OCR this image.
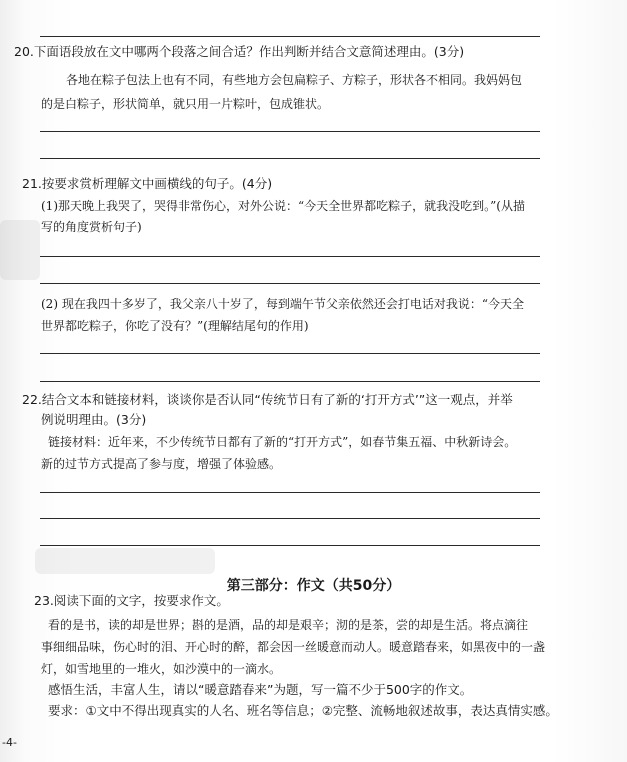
20.下面语段放在文中哪两个段落之间合适？作出判断并结合文意简述理由。(3分)
各地在粽子包法上也有不同，有些地方会包扁粽子、方粽子，形状各不相同。我妈妈包
的是白粽子，形状简单，就只用一片粽叶，包成锥状。
21.按要求赏析理解文中画横线的句子。(4分)
(1)那天晚上我哭了，哭得非常伤心，对外公说：“今天全世界都吃粽子，就我没吃到。”(从描
写的角度赏析句子)
(2) 现在我四十多岁了，我父亲八十岁了，每到端午节父亲依然还会打电话对我说：“今天全
世界都吃粽子，你吃了没有？”(理解结尾句的作用)
22.结合文本和链接材料，谈谈你是否认同“传统节日有了新的‘打开方式’”这一观点，并举
例说明理由。(3分)
链接材料：近年来，不少传统节日都有了新的“打开方式”，如春节集五福、中秋新诗会。
新的过节方式提高了参与度，增强了体验感。
第三部分：作文（共50分）
23.阅读下面的文字，按要求作文。
看的是书，读的却是世界；斟的是酒，品的却是艰辛；沏的是茶，尝的却是生活。将点滴往
事细细品味，伤心时的泪、开心时的醉，都会因一丝暖意而动人。暖意踏春来，如黑夜中的一盏
灯，如雪地里的一堆火，如沙漠中的一滴水。
感悟生活，丰富人生，请以“暖意踏春来”为题，写一篇不少于500字的作文。
要求：①文中不得出现真实的人名、班名等信息；②完整、流畅地叙述故事，表达真情实感。
-4-
